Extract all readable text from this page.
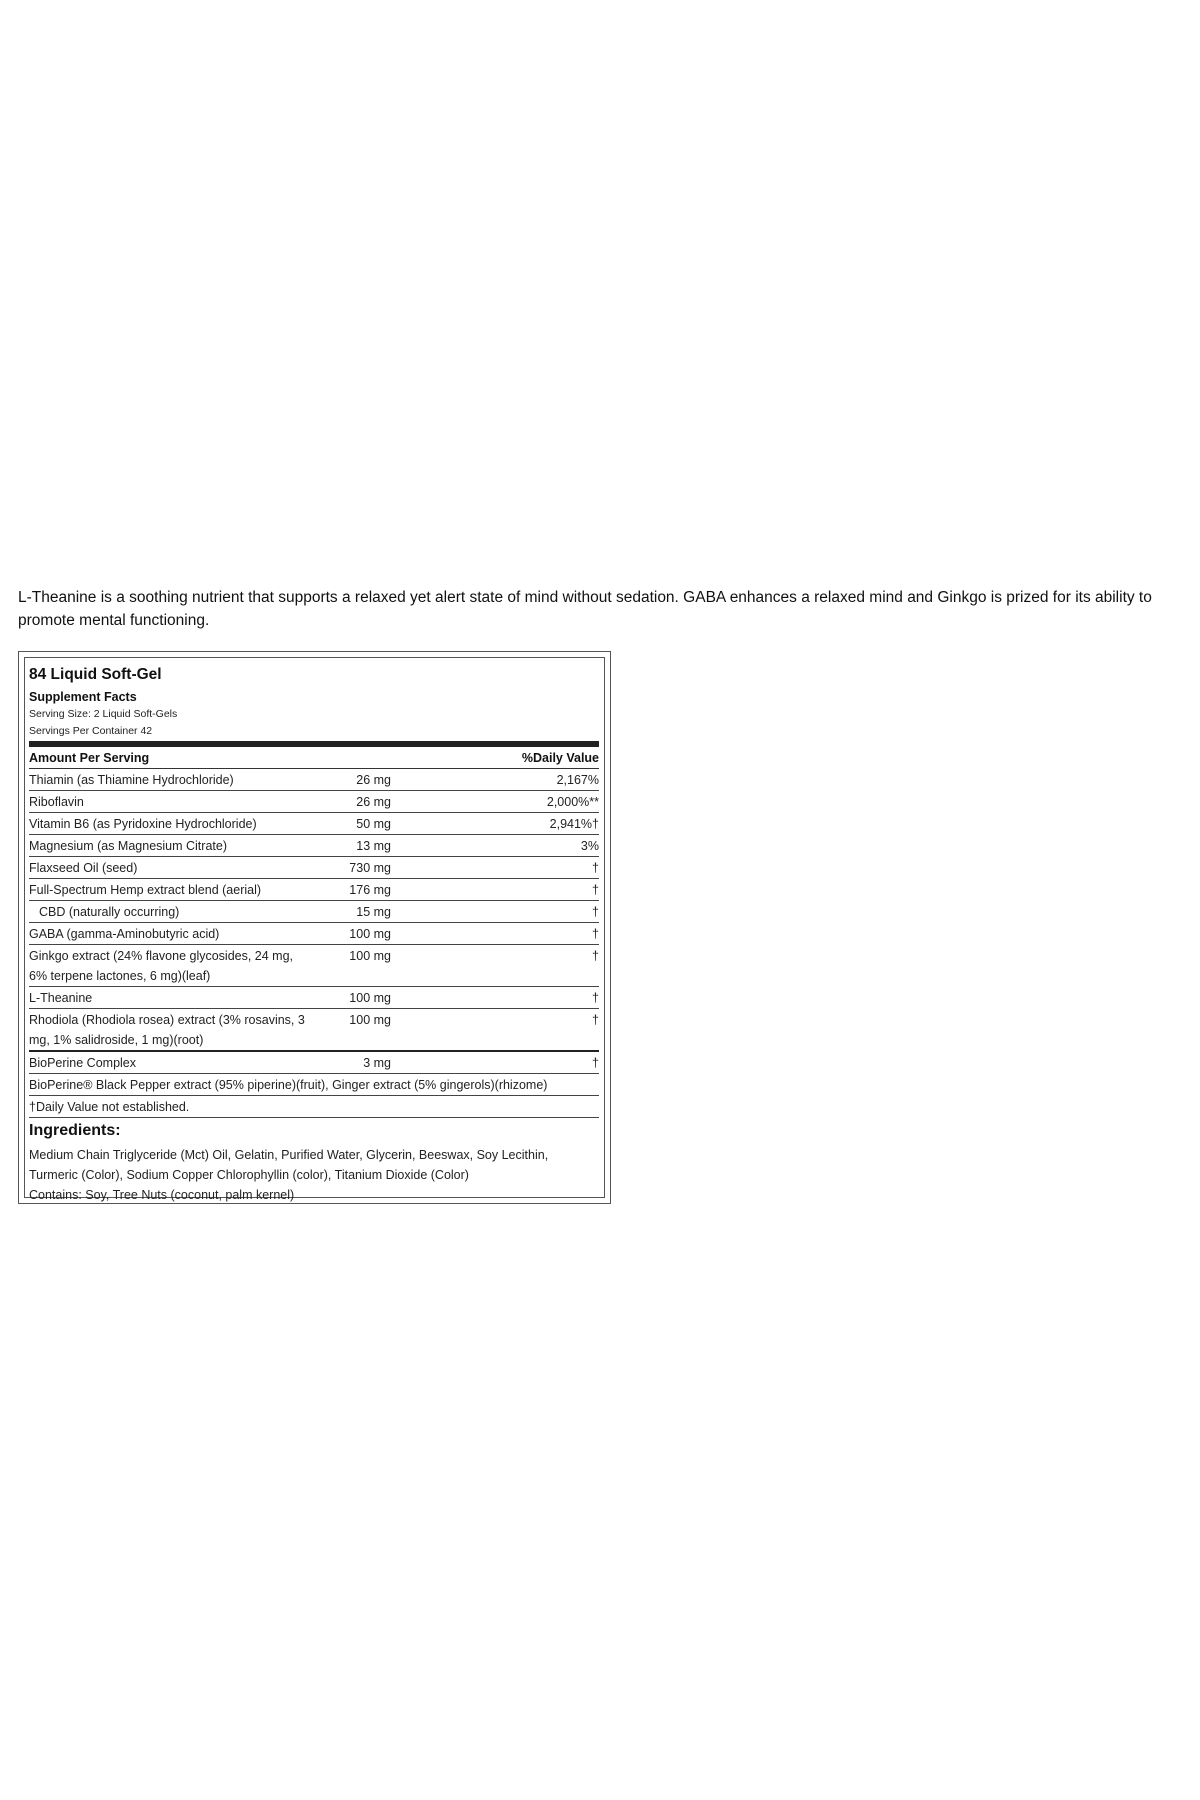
L-Theanine is a soothing nutrient that supports a relaxed yet alert state of mind without sedation. GABA enhances a relaxed mind and Ginkgo is prized for its ability to promote mental functioning.

84 Liquid Soft-Gel
Supplement Facts
Serving Size: 2 Liquid Soft-Gels
Servings Per Container 42
Amount Per Serving	%Daily Value
Thiamin (as Thiamine Hydrochloride)	26 mg	2,167%
Riboflavin	26 mg	2,000%**
Vitamin B6 (as Pyridoxine Hydrochloride)	50 mg	2,941%†
Magnesium (as Magnesium Citrate)	13 mg	3%
Flaxseed Oil (seed)	730 mg	†
Full-Spectrum Hemp extract blend (aerial)	176 mg	†
CBD (naturally occurring)	15 mg	†
GABA (gamma-Aminobutyric acid)	100 mg	†
Ginkgo extract (24% flavone glycosides, 24 mg,
6% terpene lactones, 6 mg)(leaf)
100 mg	†
L-Theanine	100 mg	†
Rhodiola (Rhodiola rosea) extract (3% rosavins, 3
mg, 1% salidroside, 1 mg)(root)
100 mg	†
BioPerine Complex	3 mg	†
BioPerine® Black Pepper extract (95% piperine)(fruit), Ginger extract (5% gingerols)(rhizome)
†Daily Value not established.
Ingredients:
Medium Chain Triglyceride (Mct) Oil, Gelatin, Purified Water, Glycerin, Beeswax, Soy Lecithin, Turmeric (Color), Sodium Copper Chlorophyllin (color), Titanium Dioxide (Color)
Contains: Soy, Tree Nuts (coconut, palm kernel)
